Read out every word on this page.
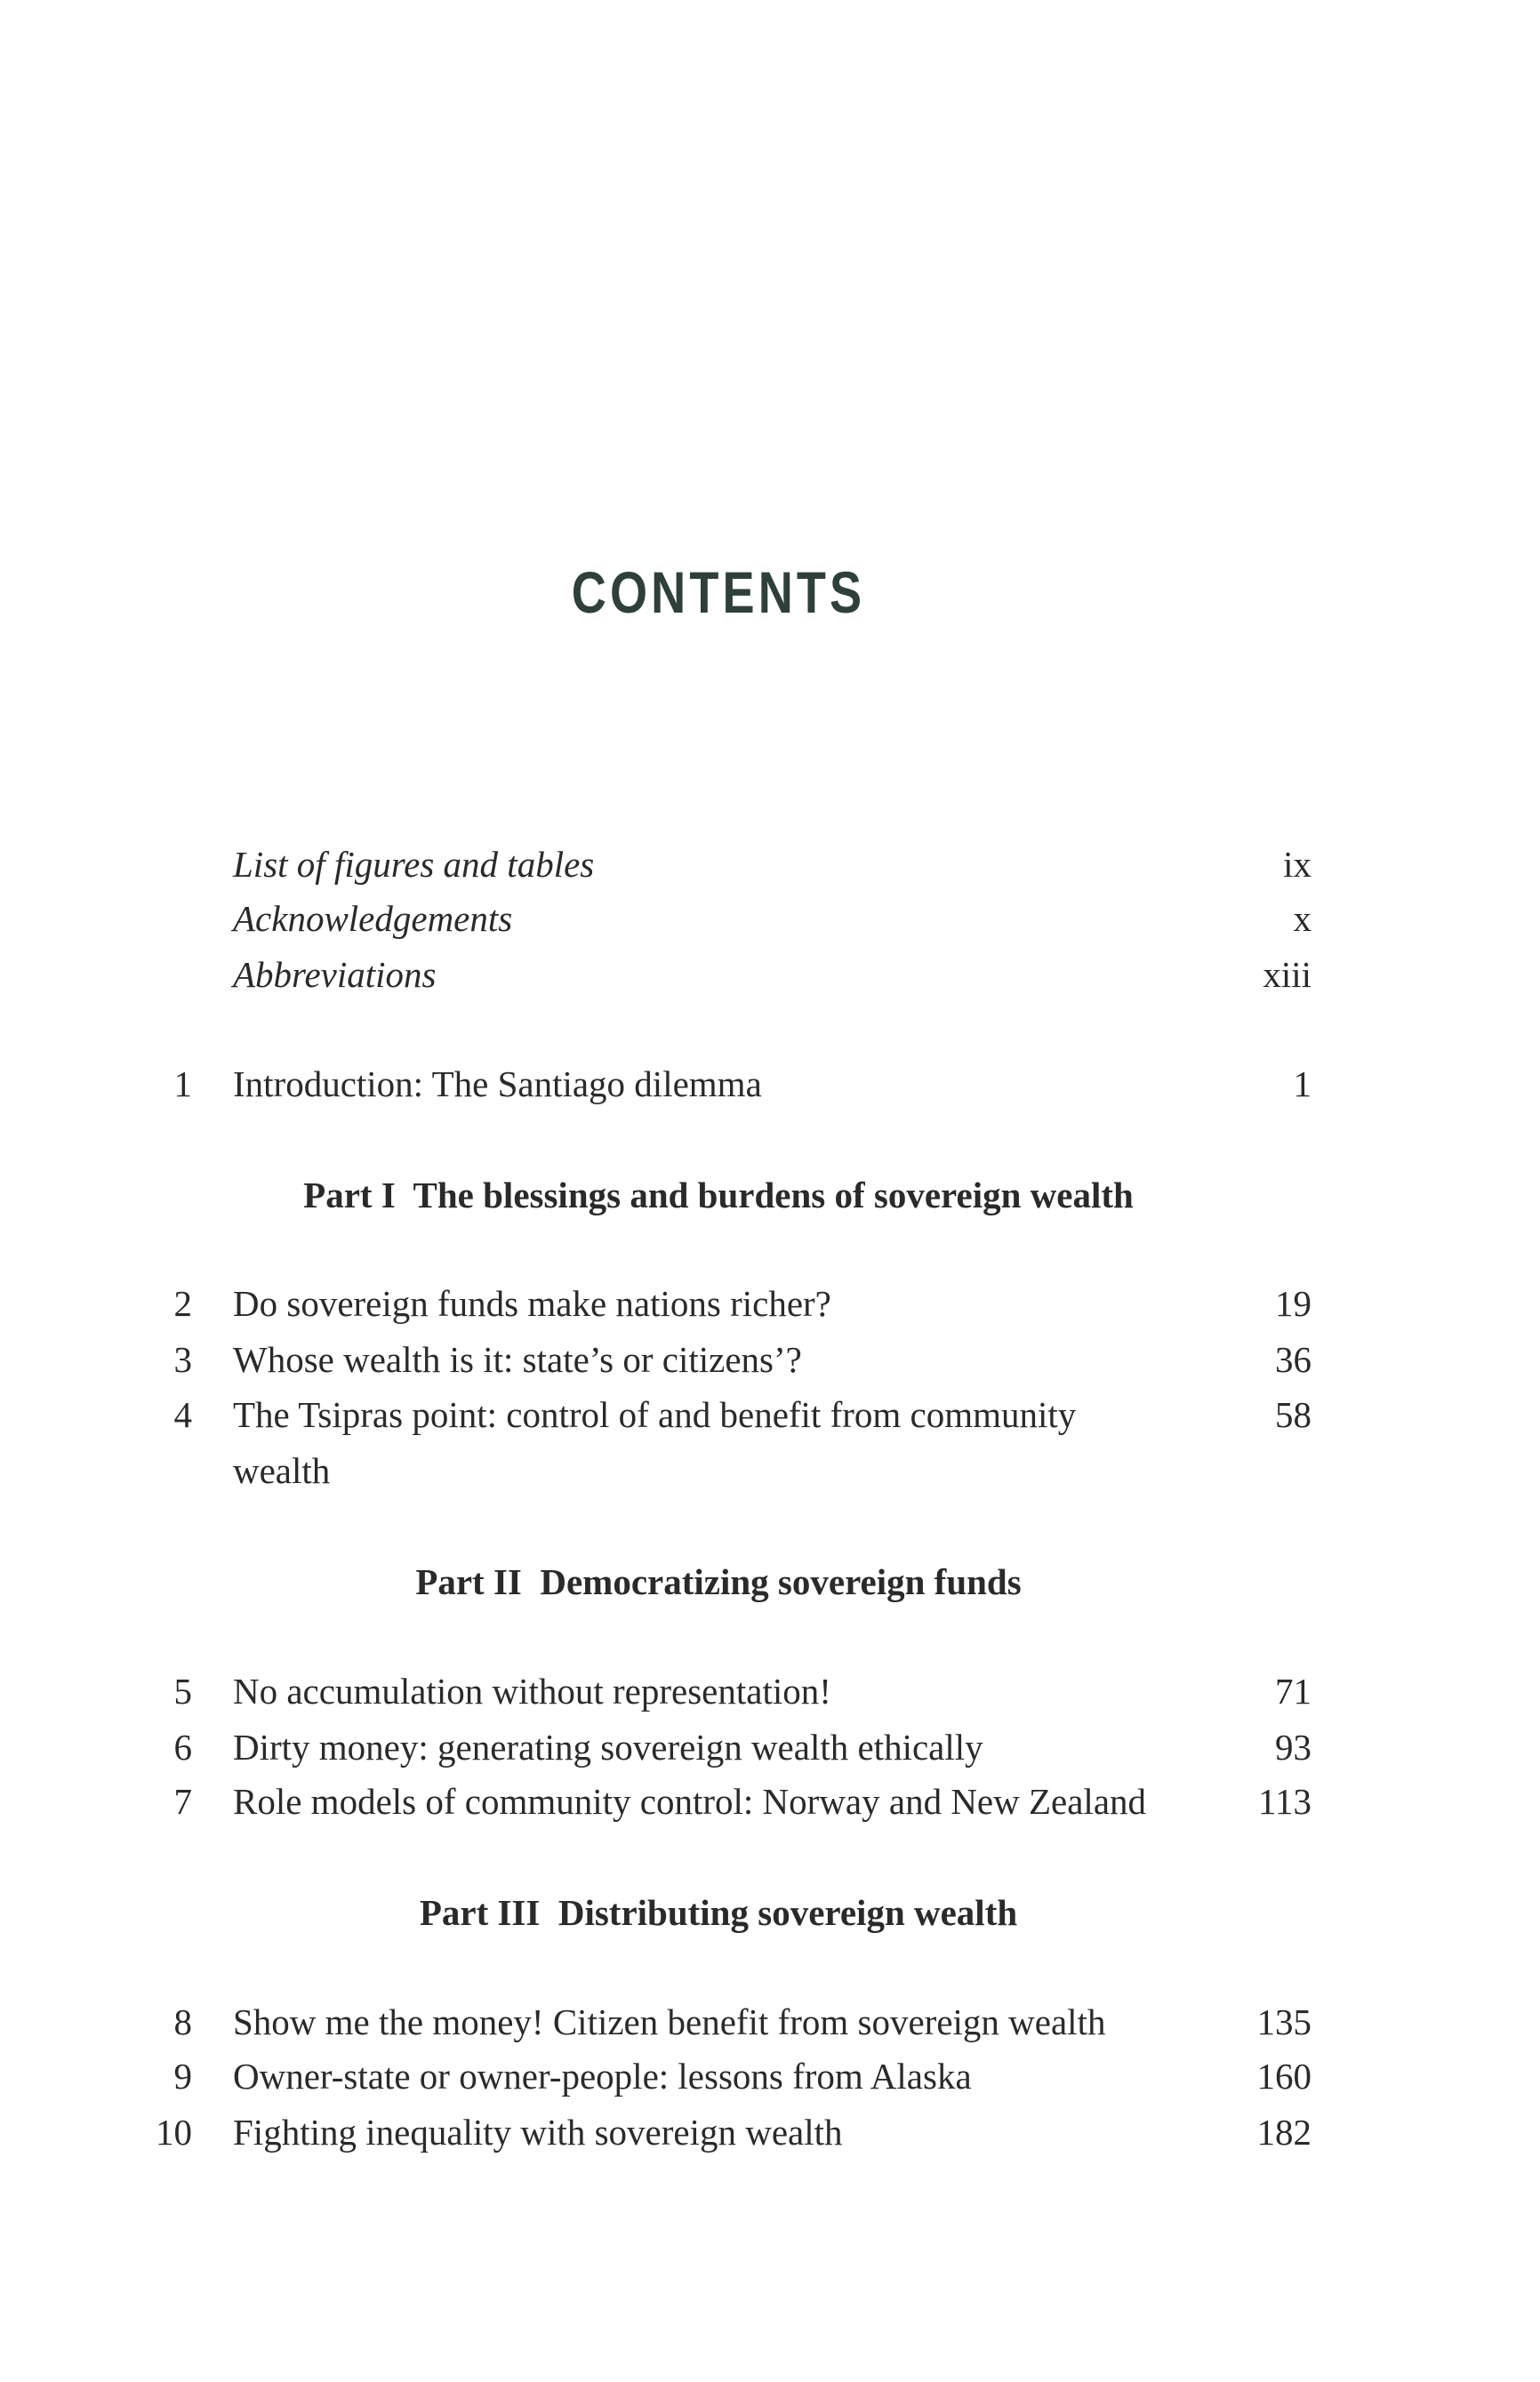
CONTENTS
List of figures and tables	ix
Acknowledgements	x
Abbreviations	xiii
1 Introduction: The Santiago dilemma	1
Part I  The blessings and burdens of sovereign wealth
2 Do sovereign funds make nations richer?	19
3 Whose wealth is it: state’s or citizens’?	36
4 The Tsipras point: control of and benefit from community	58
wealth
Part II  Democratizing sovereign funds
5 No accumulation without representation!	71
6 Dirty money: generating sovereign wealth ethically	93
7 Role models of community control: Norway and New Zealand	113
Part III  Distributing sovereign wealth
8 Show me the money! Citizen benefit from sovereign wealth	135
9 Owner-state or owner-people: lessons from Alaska	160
10 Fighting inequality with sovereign wealth	182
